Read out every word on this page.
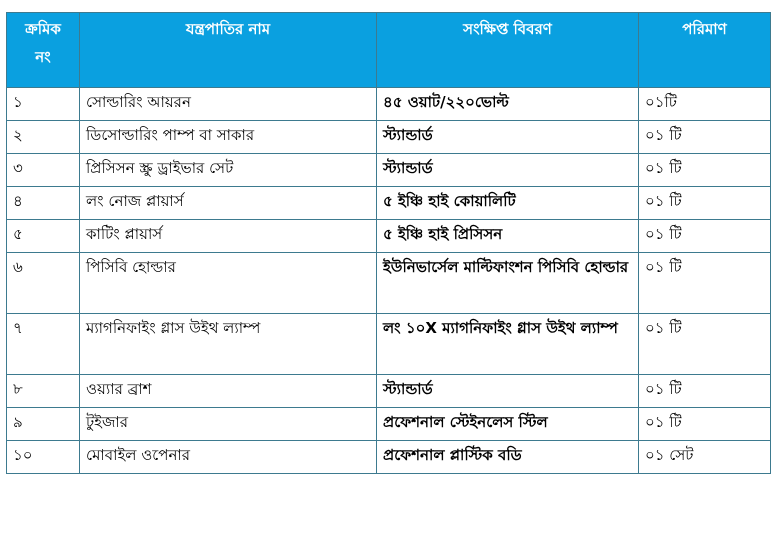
ক্রমিক
নং	যন্ত্রপাতির নাম	সংক্ষিপ্ত বিবরণ	পরিমাণ
১	সোল্ডারিং আয়রন	৪৫ ওয়াট/২২০ভোল্ট	০১টি
২	ডিসোল্ডারিং পাম্প বা সাকার	স্ট্যান্ডার্ড	০১ টি
৩	প্রিসিসন স্ক্রু ড্রাইভার সেট	স্ট্যান্ডার্ড	০১ টি
৪	লং নোজ প্লায়ার্স	৫ ইঞ্চি হাই কোয়ালিটি	০১ টি
৫	কাটিং প্লায়ার্স	৫ ইঞ্চি হাই প্রিসিসন	০১ টি
৬	পিসিবি হোল্ডার	ইউনিভার্সেল মাল্টিফাংশন পিসিবি হোল্ডার	০১ টি
৭	ম্যাগনিফাইং গ্লাস উইথ ল্যাম্প	লং ১০X ম্যাগনিফাইং গ্লাস উইথ ল্যাম্প	০১ টি
৮	ওয়্যার ব্রাশ	স্ট্যান্ডার্ড	০১ টি
৯	টুইজার	প্রফেশনাল স্টেইনলেস স্টিল	০১ টি
১০	মোবাইল ওপেনার	প্রফেশনাল প্লাস্টিক বডি	০১ সেট
